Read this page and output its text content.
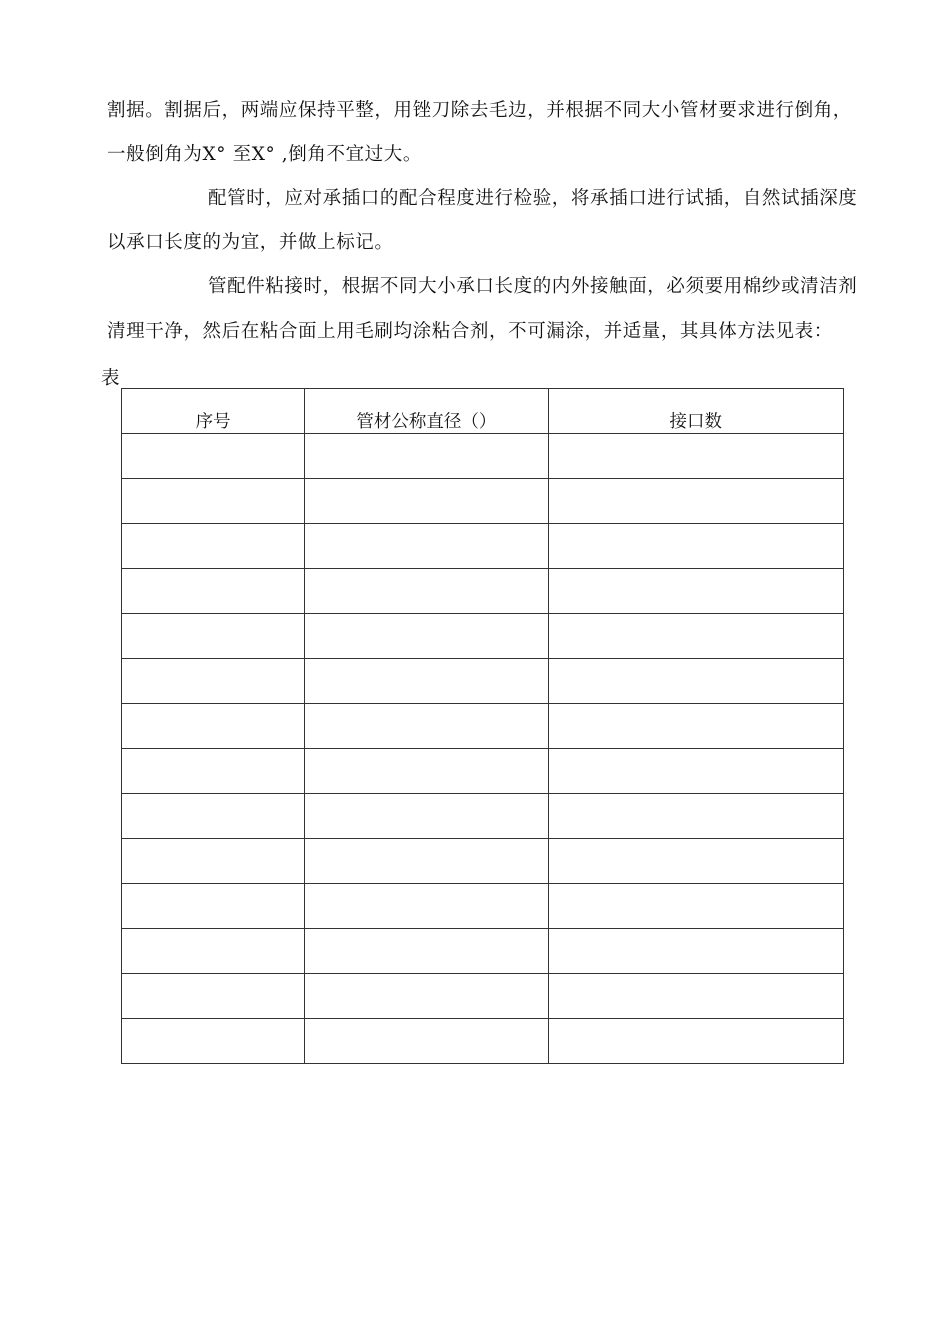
割据。割据后，两端应保持平整，用锉刀除去毛边，并根据不同大小管材要求进行倒角，
一般倒角为X° 至X° ,倒角不宜过大。
配管时，应对承插口的配合程度进行检验，将承插口进行试插，自然试插深度
以承口长度的为宜，并做上标记。
管配件粘接时，根据不同大小承口长度的内外接触面，必须要用棉纱或清洁剂
清理干净，然后在粘合面上用毛刷均涂粘合剂，不可漏涂，并适量，其具体方法见表：
表
序号	管材公称直径（）	接口数
